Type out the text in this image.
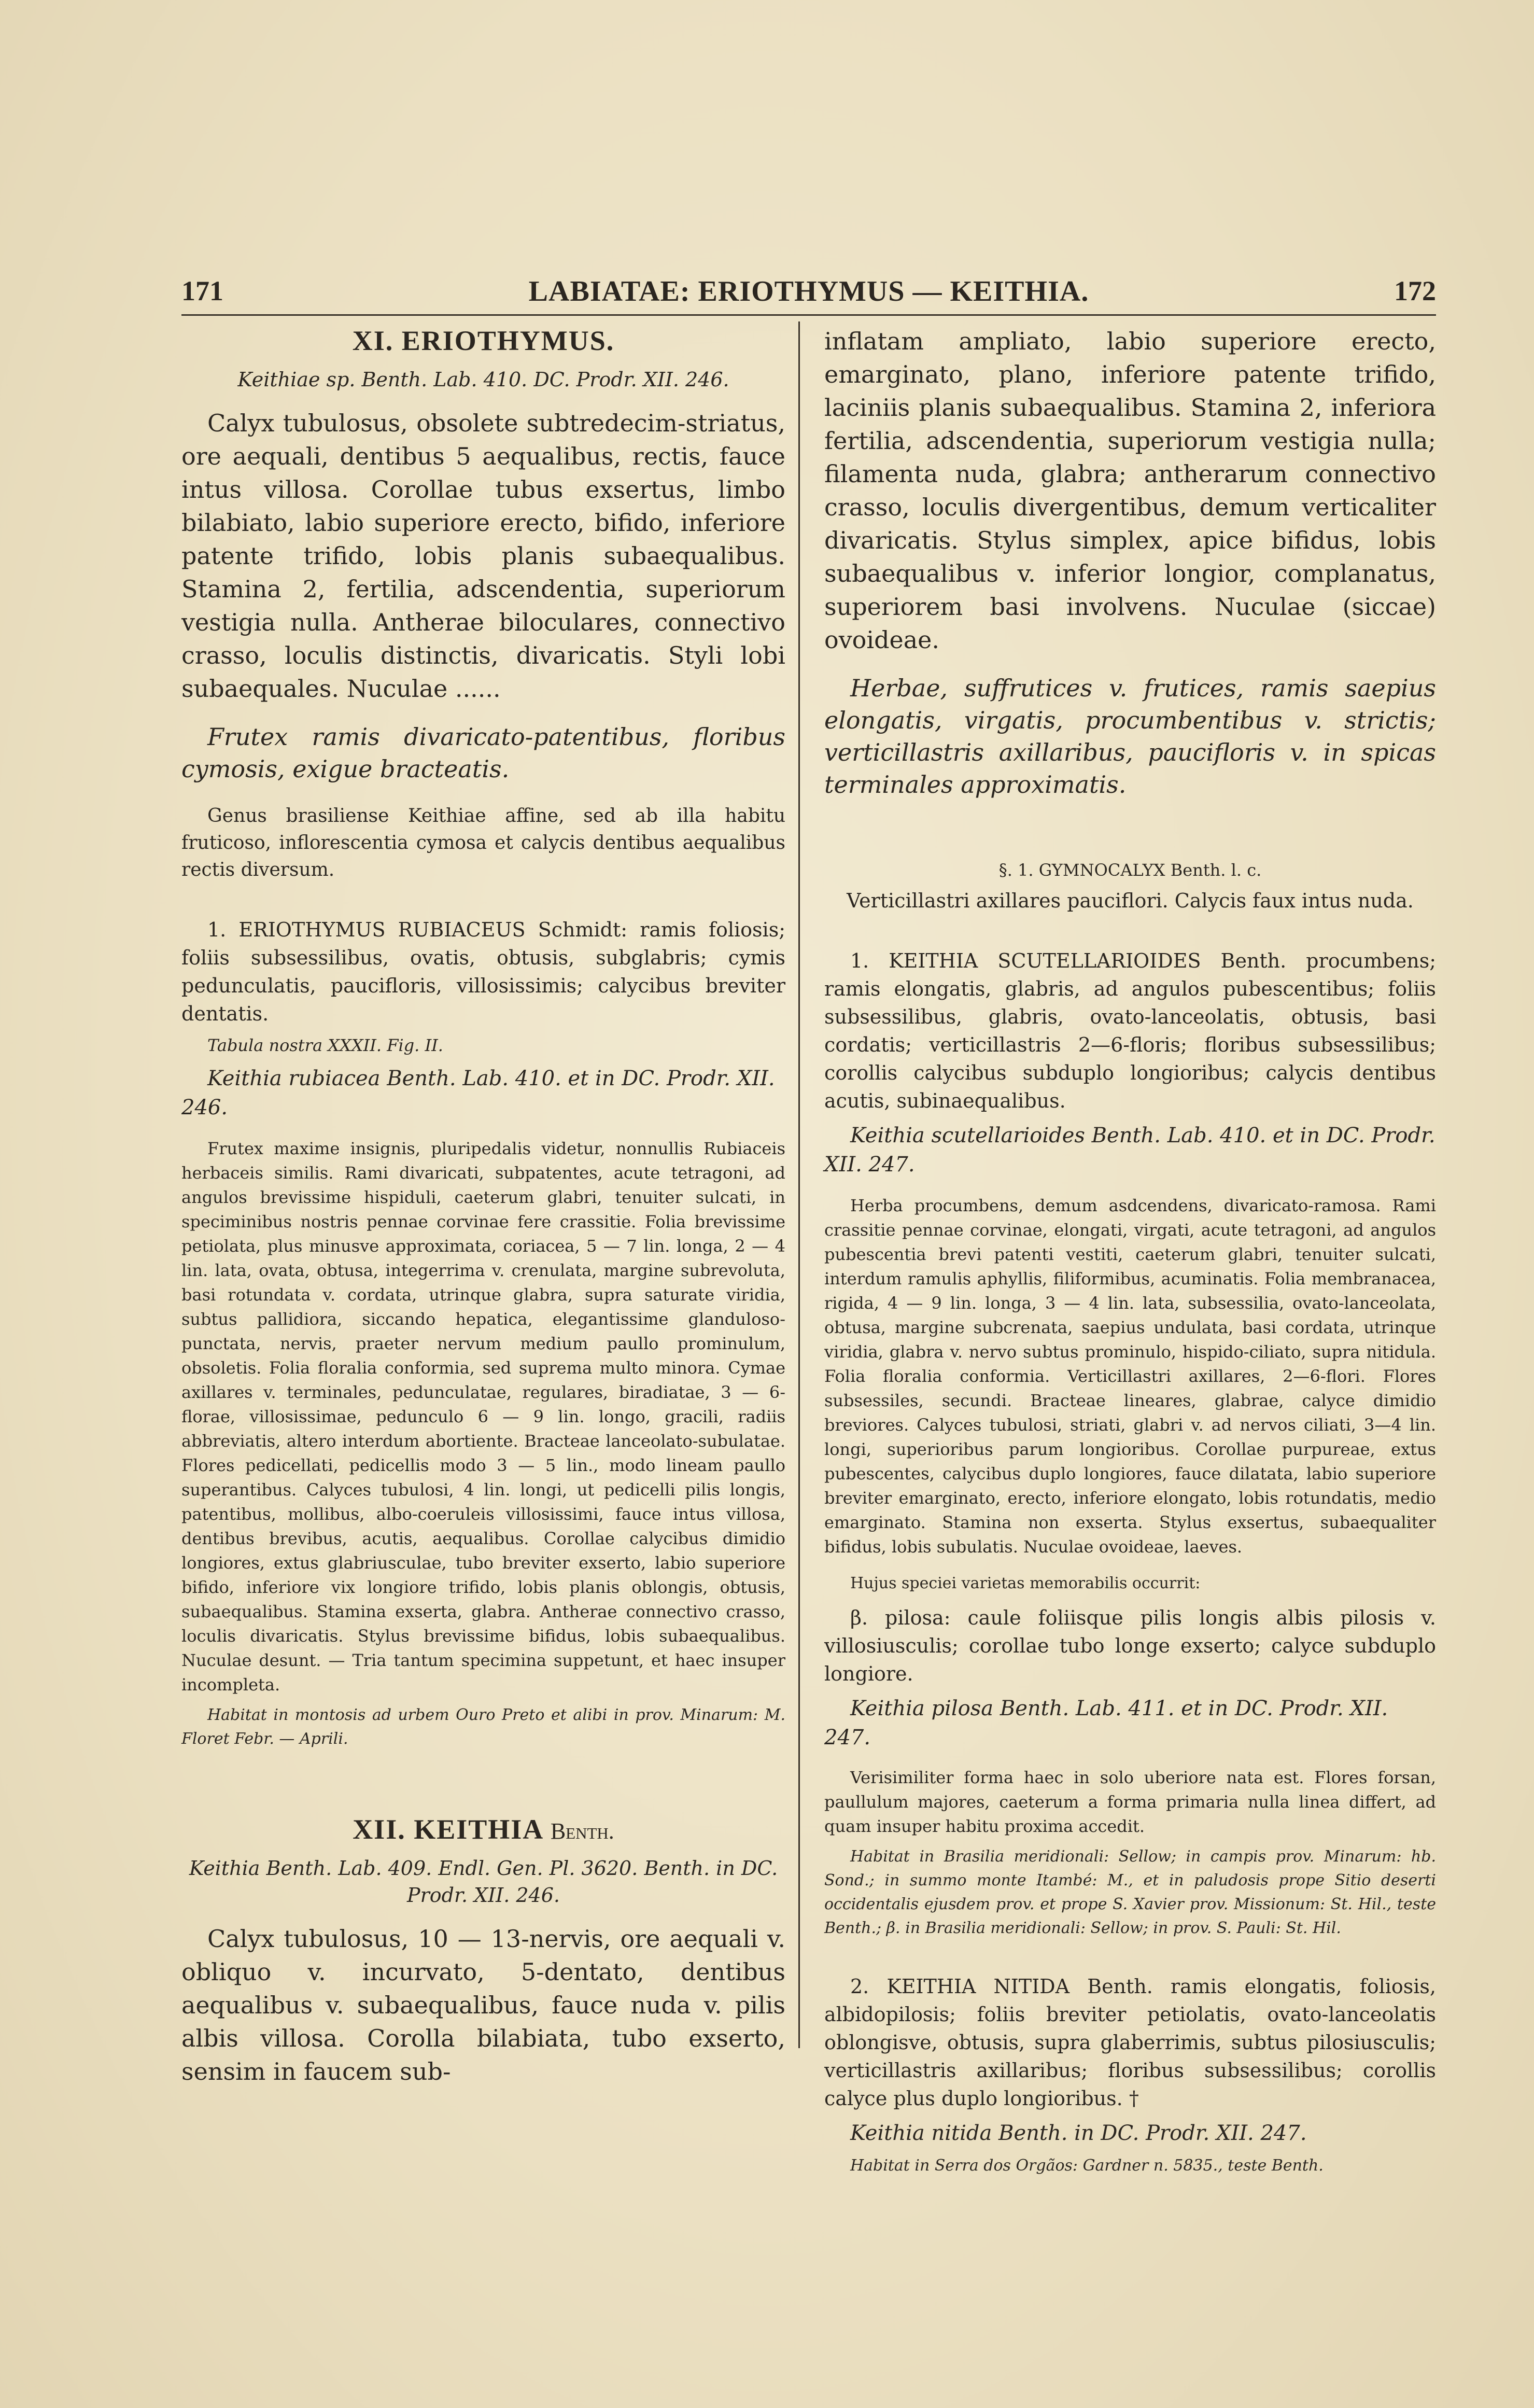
171	LABIATAE: ERIOTHYMUS — KEITHIA.	172
XI. ERIOTHYMUS.
Keithiae sp. Benth. Lab. 410. DC. Prodr. XII. 246.

Calyx tubulosus, obsolete subtredecim-striatus, ore aequali, dentibus 5 aequalibus, rectis, fauce intus villosa. Corollae tubus exsertus, limbo bilabiato, labio superiore erecto, bifido, inferiore patente trifido, lobis planis subaequalibus. Stamina 2, fertilia, adscendentia, superiorum vestigia nulla. Antherae biloculares, connectivo crasso, loculis distinctis, divaricatis. Styli lobi subaequales. Nuculae ......

Frutex ramis divaricato-patentibus, floribus cymosis, exigue bracteatis.

Genus brasiliense Keithiae affine, sed ab illa habitu fruticoso, inflorescentia cymosa et calycis dentibus aequalibus rectis diversum.

1. ERIOTHYMUS RUBIACEUS Schmidt: ramis foliosis; foliis subsessilibus, ovatis, obtusis, subglabris; cymis pedunculatis, paucifloris, villosissimis; calycibus breviter dentatis.

Tabula nostra XXXII. Fig. II.

Keithia rubiacea Benth. Lab. 410. et in DC. Prodr. XII. 246.

Frutex maxime insignis, pluripedalis videtur, nonnullis Rubiaceis herbaceis similis. Rami divaricati, subpatentes, acute tetragoni, ad angulos brevissime hispiduli, caeterum glabri, tenuiter sulcati, in speciminibus nostris pennae corvinae fere crassitie. Folia brevissime petiolata, plus minusve approximata, coriacea, 5 — 7 lin. longa, 2 — 4 lin. lata, ovata, obtusa, integerrima v. crenulata, margine subrevoluta, basi rotundata v. cordata, utrinque glabra, supra saturate viridia, subtus pallidiora, siccando hepatica, elegantissime glanduloso-punctata, nervis, praeter nervum medium paullo prominulum, obsoletis. Folia floralia conformia, sed suprema multo minora. Cymae axillares v. terminales, pedunculatae, regulares, biradiatae, 3 — 6-florae, villosissimae, pedunculo 6 — 9 lin. longo, gracili, radiis abbreviatis, altero interdum abortiente. Bracteae lanceolato-subulatae. Flores pedicellati, pedicellis modo 3 — 5 lin., modo lineam paullo superantibus. Calyces tubulosi, 4 lin. longi, ut pedicelli pilis longis, patentibus, mollibus, albo-coeruleis villosissimi, fauce intus villosa, dentibus brevibus, acutis, aequalibus. Corollae calycibus dimidio longiores, extus glabriusculae, tubo breviter exserto, labio superiore bifido, inferiore vix longiore trifido, lobis planis oblongis, obtusis, subaequalibus. Stamina exserta, glabra. Antherae connectivo crasso, loculis divaricatis. Stylus brevissime bifidus, lobis subaequalibus. Nuculae desunt. — Tria tantum specimina suppetunt, et haec insuper incompleta.

Habitat in montosis ad urbem Ouro Preto et alibi in prov. Minarum: M. Floret Febr. — Aprili.

XII. KEITHIA Benth.
Keithia Benth. Lab. 409. Endl. Gen. Pl. 3620. Benth. in DC. Prodr. XII. 246.

Calyx tubulosus, 10 — 13-nervis, ore aequali v. obliquo v. incurvato, 5-dentato, dentibus aequalibus v. subaequalibus, fauce nuda v. pilis albis villosa. Corolla bilabiata, tubo exserto, sensim in faucem sub-

inflatam ampliato, labio superiore erecto, emarginato, plano, inferiore patente trifido, laciniis planis subaequalibus. Stamina 2, inferiora fertilia, adscendentia, superiorum vestigia nulla; filamenta nuda, glabra; antherarum connectivo crasso, loculis divergentibus, demum verticaliter divaricatis. Stylus simplex, apice bifidus, lobis subaequalibus v. inferior longior, complanatus, superiorem basi involvens. Nuculae (siccae) ovoideae.

Herbae, suffrutices v. frutices, ramis saepius elongatis, virgatis, procumbentibus v. strictis; verticillastris axillaribus, paucifloris v. in spicas terminales approximatis.

§. 1. GYMNOCALYX Benth. l. c.

Verticillastri axillares pauciflori. Calycis faux intus nuda.

1. KEITHIA SCUTELLARIOIDES Benth. procumbens; ramis elongatis, glabris, ad angulos pubescentibus; foliis subsessilibus, glabris, ovato-lanceolatis, obtusis, basi cordatis; verticillastris 2—6-floris; floribus subsessilibus; corollis calycibus subduplo longioribus; calycis dentibus acutis, subinaequalibus.

Keithia scutellarioides Benth. Lab. 410. et in DC. Prodr. XII. 247.

Herba procumbens, demum asdcendens, divaricato-ramosa. Rami crassitie pennae corvinae, elongati, virgati, acute tetragoni, ad angulos pubescentia brevi patenti vestiti, caeterum glabri, tenuiter sulcati, interdum ramulis aphyllis, filiformibus, acuminatis. Folia membranacea, rigida, 4 — 9 lin. longa, 3 — 4 lin. lata, subsessilia, ovato-lanceolata, obtusa, margine subcrenata, saepius undulata, basi cordata, utrinque viridia, glabra v. nervo subtus prominulo, hispido-ciliato, supra nitidula. Folia floralia conformia. Verticillastri axillares, 2—6-flori. Flores subsessiles, secundi. Bracteae lineares, glabrae, calyce dimidio breviores. Calyces tubulosi, striati, glabri v. ad nervos ciliati, 3—4 lin. longi, superioribus parum longioribus. Corollae purpureae, extus pubescentes, calycibus duplo longiores, fauce dilatata, labio superiore breviter emarginato, erecto, inferiore elongato, lobis rotundatis, medio emarginato. Stamina non exserta. Stylus exsertus, subaequaliter bifidus, lobis subulatis. Nuculae ovoideae, laeves.

Hujus speciei varietas memorabilis occurrit:

β. pilosa: caule foliisque pilis longis albis pilosis v. villosiusculis; corollae tubo longe exserto; calyce subduplo longiore.

Keithia pilosa Benth. Lab. 411. et in DC. Prodr. XII. 247.

Verisimiliter forma haec in solo uberiore nata est. Flores forsan, paullulum majores, caeterum a forma primaria nulla linea differt, ad quam insuper habitu proxima accedit.

Habitat in Brasilia meridionali: Sellow; in campis prov. Minarum: hb. Sond.; in summo monte Itambé: M., et in paludosis prope Sitio deserti occidentalis ejusdem prov. et prope S. Xavier prov. Missionum: St. Hil., teste Benth.; β. in Brasilia meridionali: Sellow; in prov. S. Pauli: St. Hil.

2. KEITHIA NITIDA Benth. ramis elongatis, foliosis, albidopilosis; foliis breviter petiolatis, ovato-lanceolatis oblongisve, obtusis, supra glaberrimis, subtus pilosiusculis; verticillastris axillaribus; floribus subsessilibus; corollis calyce plus duplo longioribus. †

Keithia nitida Benth. in DC. Prodr. XII. 247.

Habitat in Serra dos Orgãos: Gardner n. 5835., teste Benth.
